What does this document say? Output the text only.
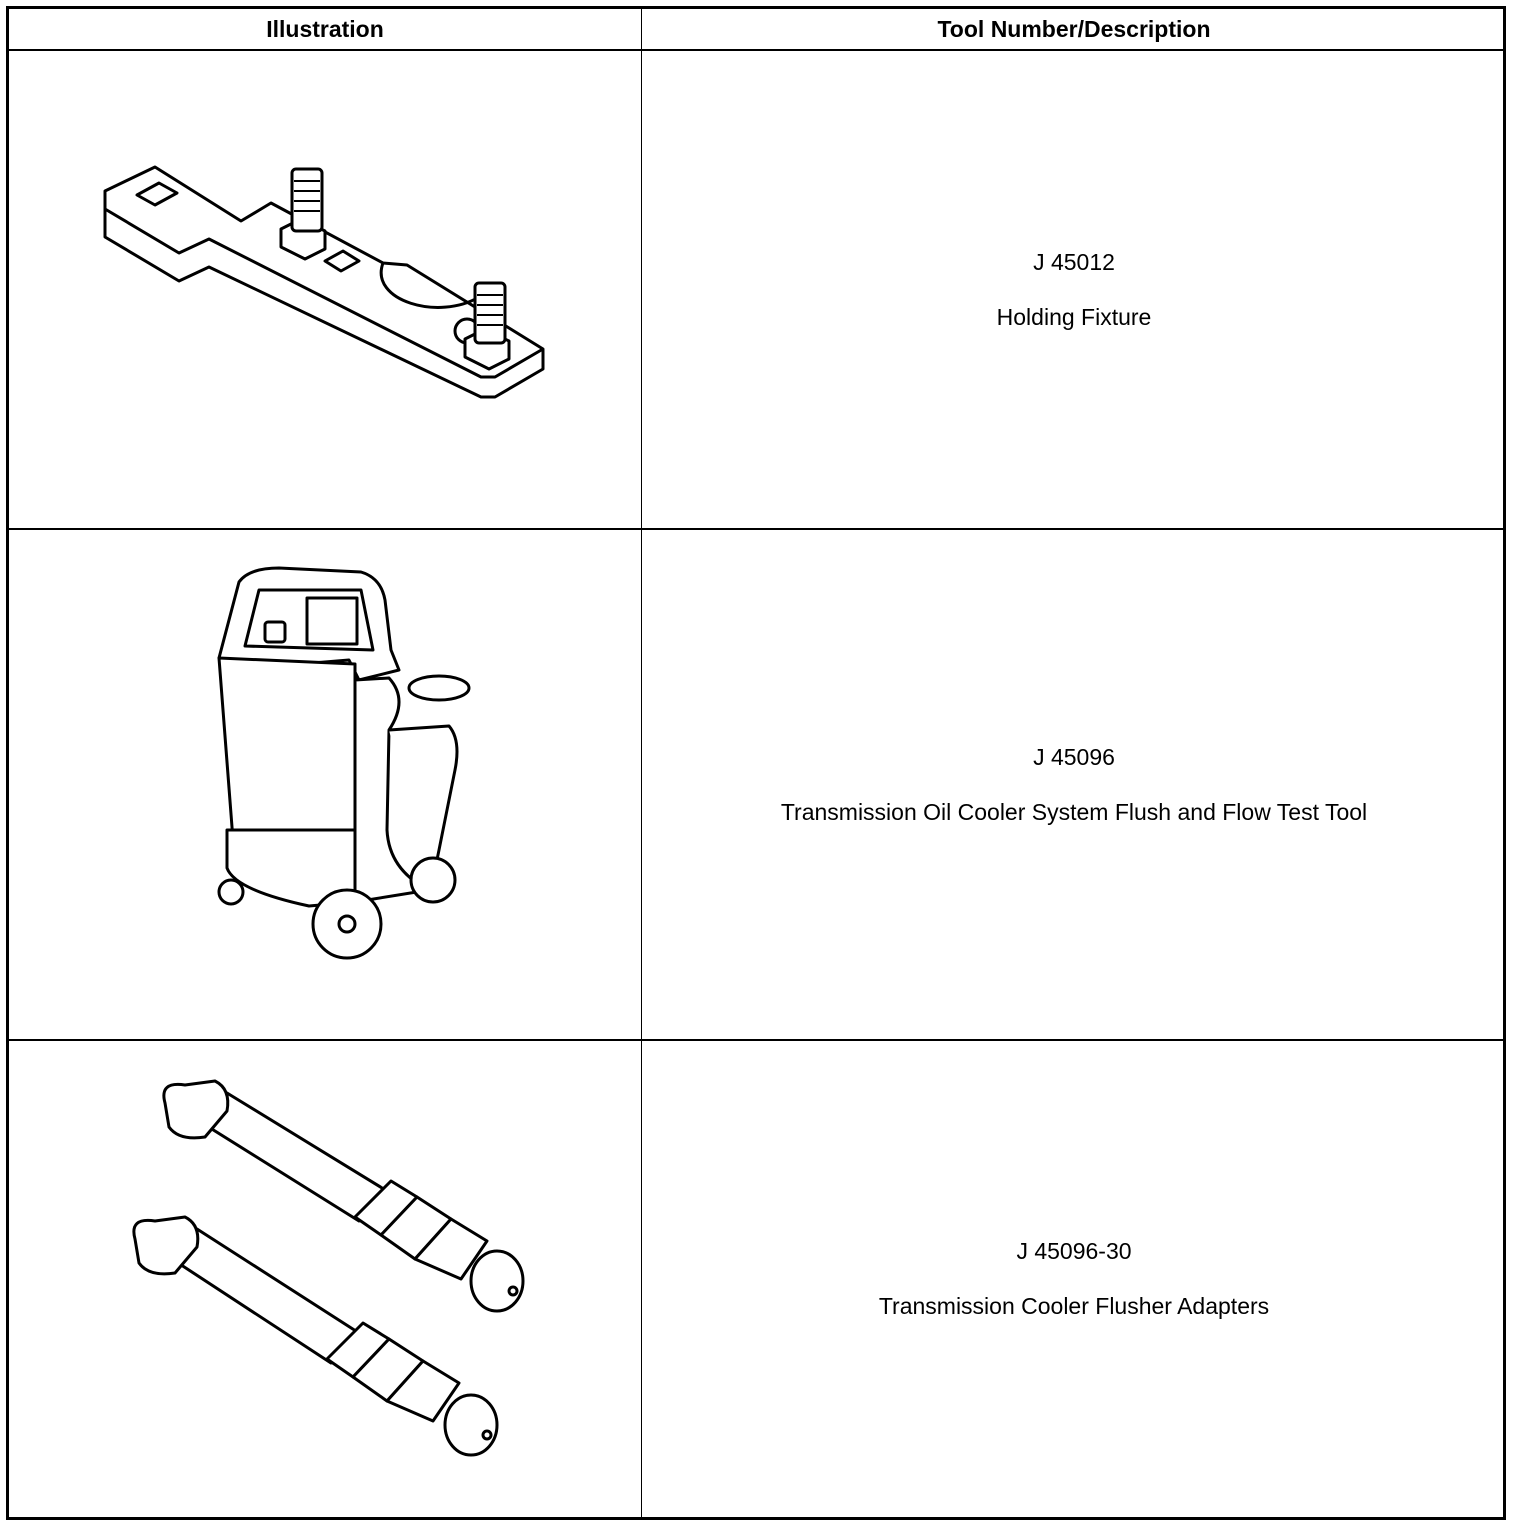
Illustration	Tool Number/Description
J 45012
Holding Fixture
J 45096
Transmission Oil Cooler System Flush and Flow Test Tool
J 45096-30
Transmission Cooler Flusher Adapters
